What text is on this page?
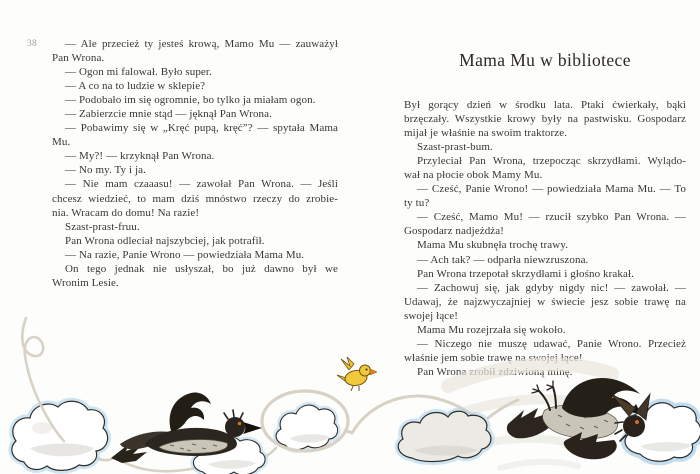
38	— Ale przecież ty jesteś krową, Mamo Mu — zauważył
Pan Wrona.
— Ogon mi falował. Było super.
— A co na to ludzie w sklepie?
— Podobało im się ogromnie, bo tylko ja miałam ogon.
— Zabierzcie mnie stąd — jęknął Pan Wrona.
— Pobawimy się w „Kręć pupą, kręć”? — spytała Mama
Mu.
— My?! — krzyknął Pan Wrona.
— No my. Ty i ja.
— Nie mam czaaasu! — zawołał Pan Wrona. — Jeśli
chcesz wiedzieć, to mam dziś mnóstwo rzeczy do zrobie-
nia. Wracam do domu! Na razie!
Szast-prast-fruu.
Pan Wrona odleciał najszybciej, jak potrafił.
— Na razie, Panie Wrono — powiedziała Mama Mu.
On tego jednak nie usłyszał, bo już dawno był we
Wronim Lesie.
Mama Mu w bibliotece
Był gorący dzień w środku lata. Ptaki ćwierkały, bąki
brzęczały. Wszystkie krowy były na pastwisku. Gospodarz
mijał je właśnie na swoim traktorze.
Szast-prast-bum.
Przyleciał Pan Wrona, trzepocząc skrzydłami. Wylądo-
wał na płocie obok Mamy Mu.
— Cześć, Panie Wrono! — powiedziała Mama Mu. — To
ty tu?
— Cześć, Mamo Mu! — rzucił szybko Pan Wrona. —
Gospodarz nadjeżdża!
Mama Mu skubnęła trochę trawy.
— Ach tak? — odparła niewzruszona.
Pan Wrona trzepotał skrzydłami i głośno krakał.
— Zachowuj się, jak gdyby nigdy nic! — zawołał. —
Udawaj, że najzwyczajniej w świecie jesz sobie trawę na
swojej łące!
Mama Mu rozejrzała się wokoło.
— Niczego nie muszę udawać, Panie Wrono. Przecież
właśnie jem sobie trawę na swojej łące!
Pan Wrona zrobił zdziwioną minę.
